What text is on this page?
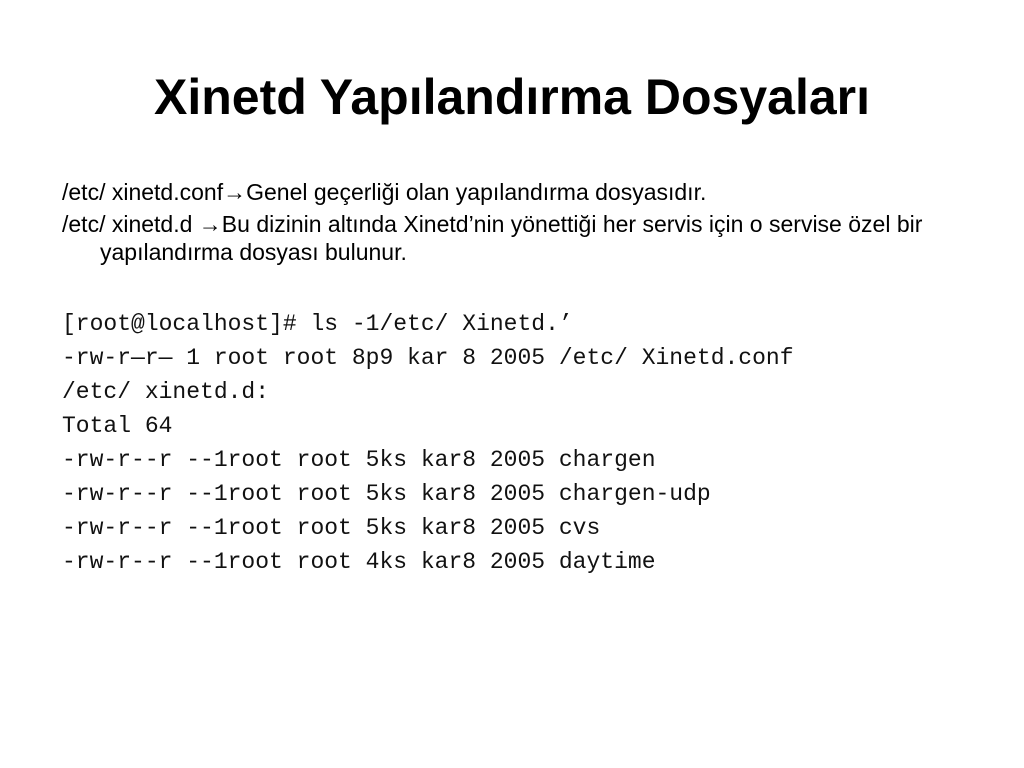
Xinetd Yapılandırma Dosyaları
/etc/ xinetd.conf→Genel geçerliği olan yapılandırma dosyasıdır.
/etc/ xinetd.d →Bu dizinin altında Xinetd’nin yönettiği her servis için o servise özel bir yapılandırma dosyası bulunur.
[root@localhost]# ls -1/etc/ Xinetd.’
-rw-r—r— 1 root root 8p9 kar 8 2005 /etc/ Xinetd.conf
/etc/ xinetd.d:
Total 64
-rw-r--r --1root root 5ks kar8 2005 chargen
-rw-r--r --1root root 5ks kar8 2005 chargen-udp
-rw-r--r --1root root 5ks kar8 2005 cvs
-rw-r--r --1root root 4ks kar8 2005 daytime
